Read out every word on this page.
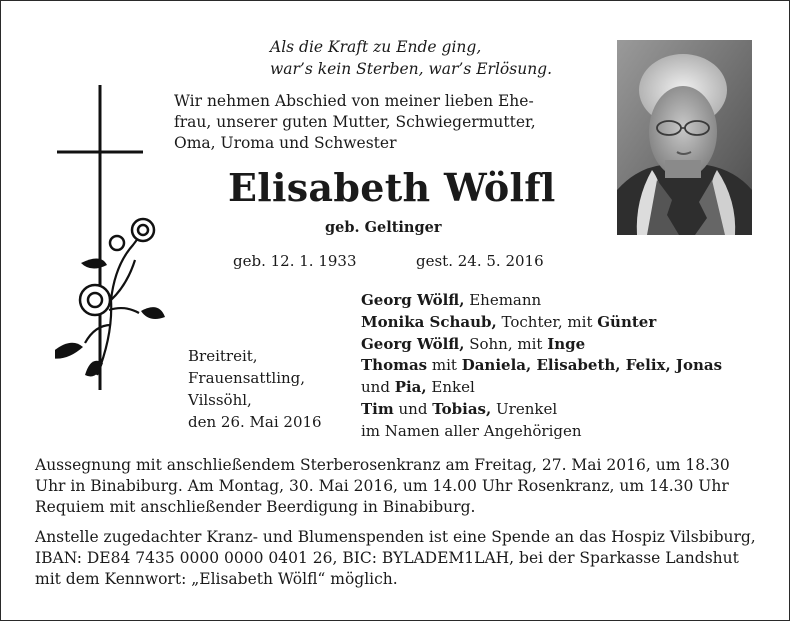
Als die Kraft zu Ende ging,
war’s kein Sterben, war’s Erlösung.
Wir nehmen Abschied von meiner lieben Ehe-
frau, unserer guten Mutter, Schwiegermutter,
Oma, Uroma und Schwester
Elisabeth Wölfl
geb. Geltinger
geb. 12. 1. 1933	gest. 24. 5. 2016
Breitreit,
Frauensattling,
Vilssöhl,
den 26. Mai 2016
Georg Wölfl, Ehemann
Monika Schaub, Tochter, mit Günter
Georg Wölfl, Sohn, mit Inge
Thomas mit Daniela, Elisabeth, Felix, Jonas
und Pia, Enkel
Tim und Tobias, Urenkel
im Namen aller Angehörigen
Aussegnung mit anschließendem Sterberosenkranz am Freitag, 27. Mai 2016, um 18.30 Uhr in Binabiburg. Am Montag, 30. Mai 2016, um 14.00 Uhr Rosenkranz, um 14.30 Uhr Requiem mit anschließender Beerdigung in Binabiburg.
Anstelle zugedachter Kranz- und Blumenspenden ist eine Spende an das Hospiz Vilsbiburg, IBAN: DE84 7435 0000 0000 0401 26, BIC: BYLADEM1LAH, bei der Sparkasse Landshut mit dem Kennwort: „Elisabeth Wölfl“ möglich.
